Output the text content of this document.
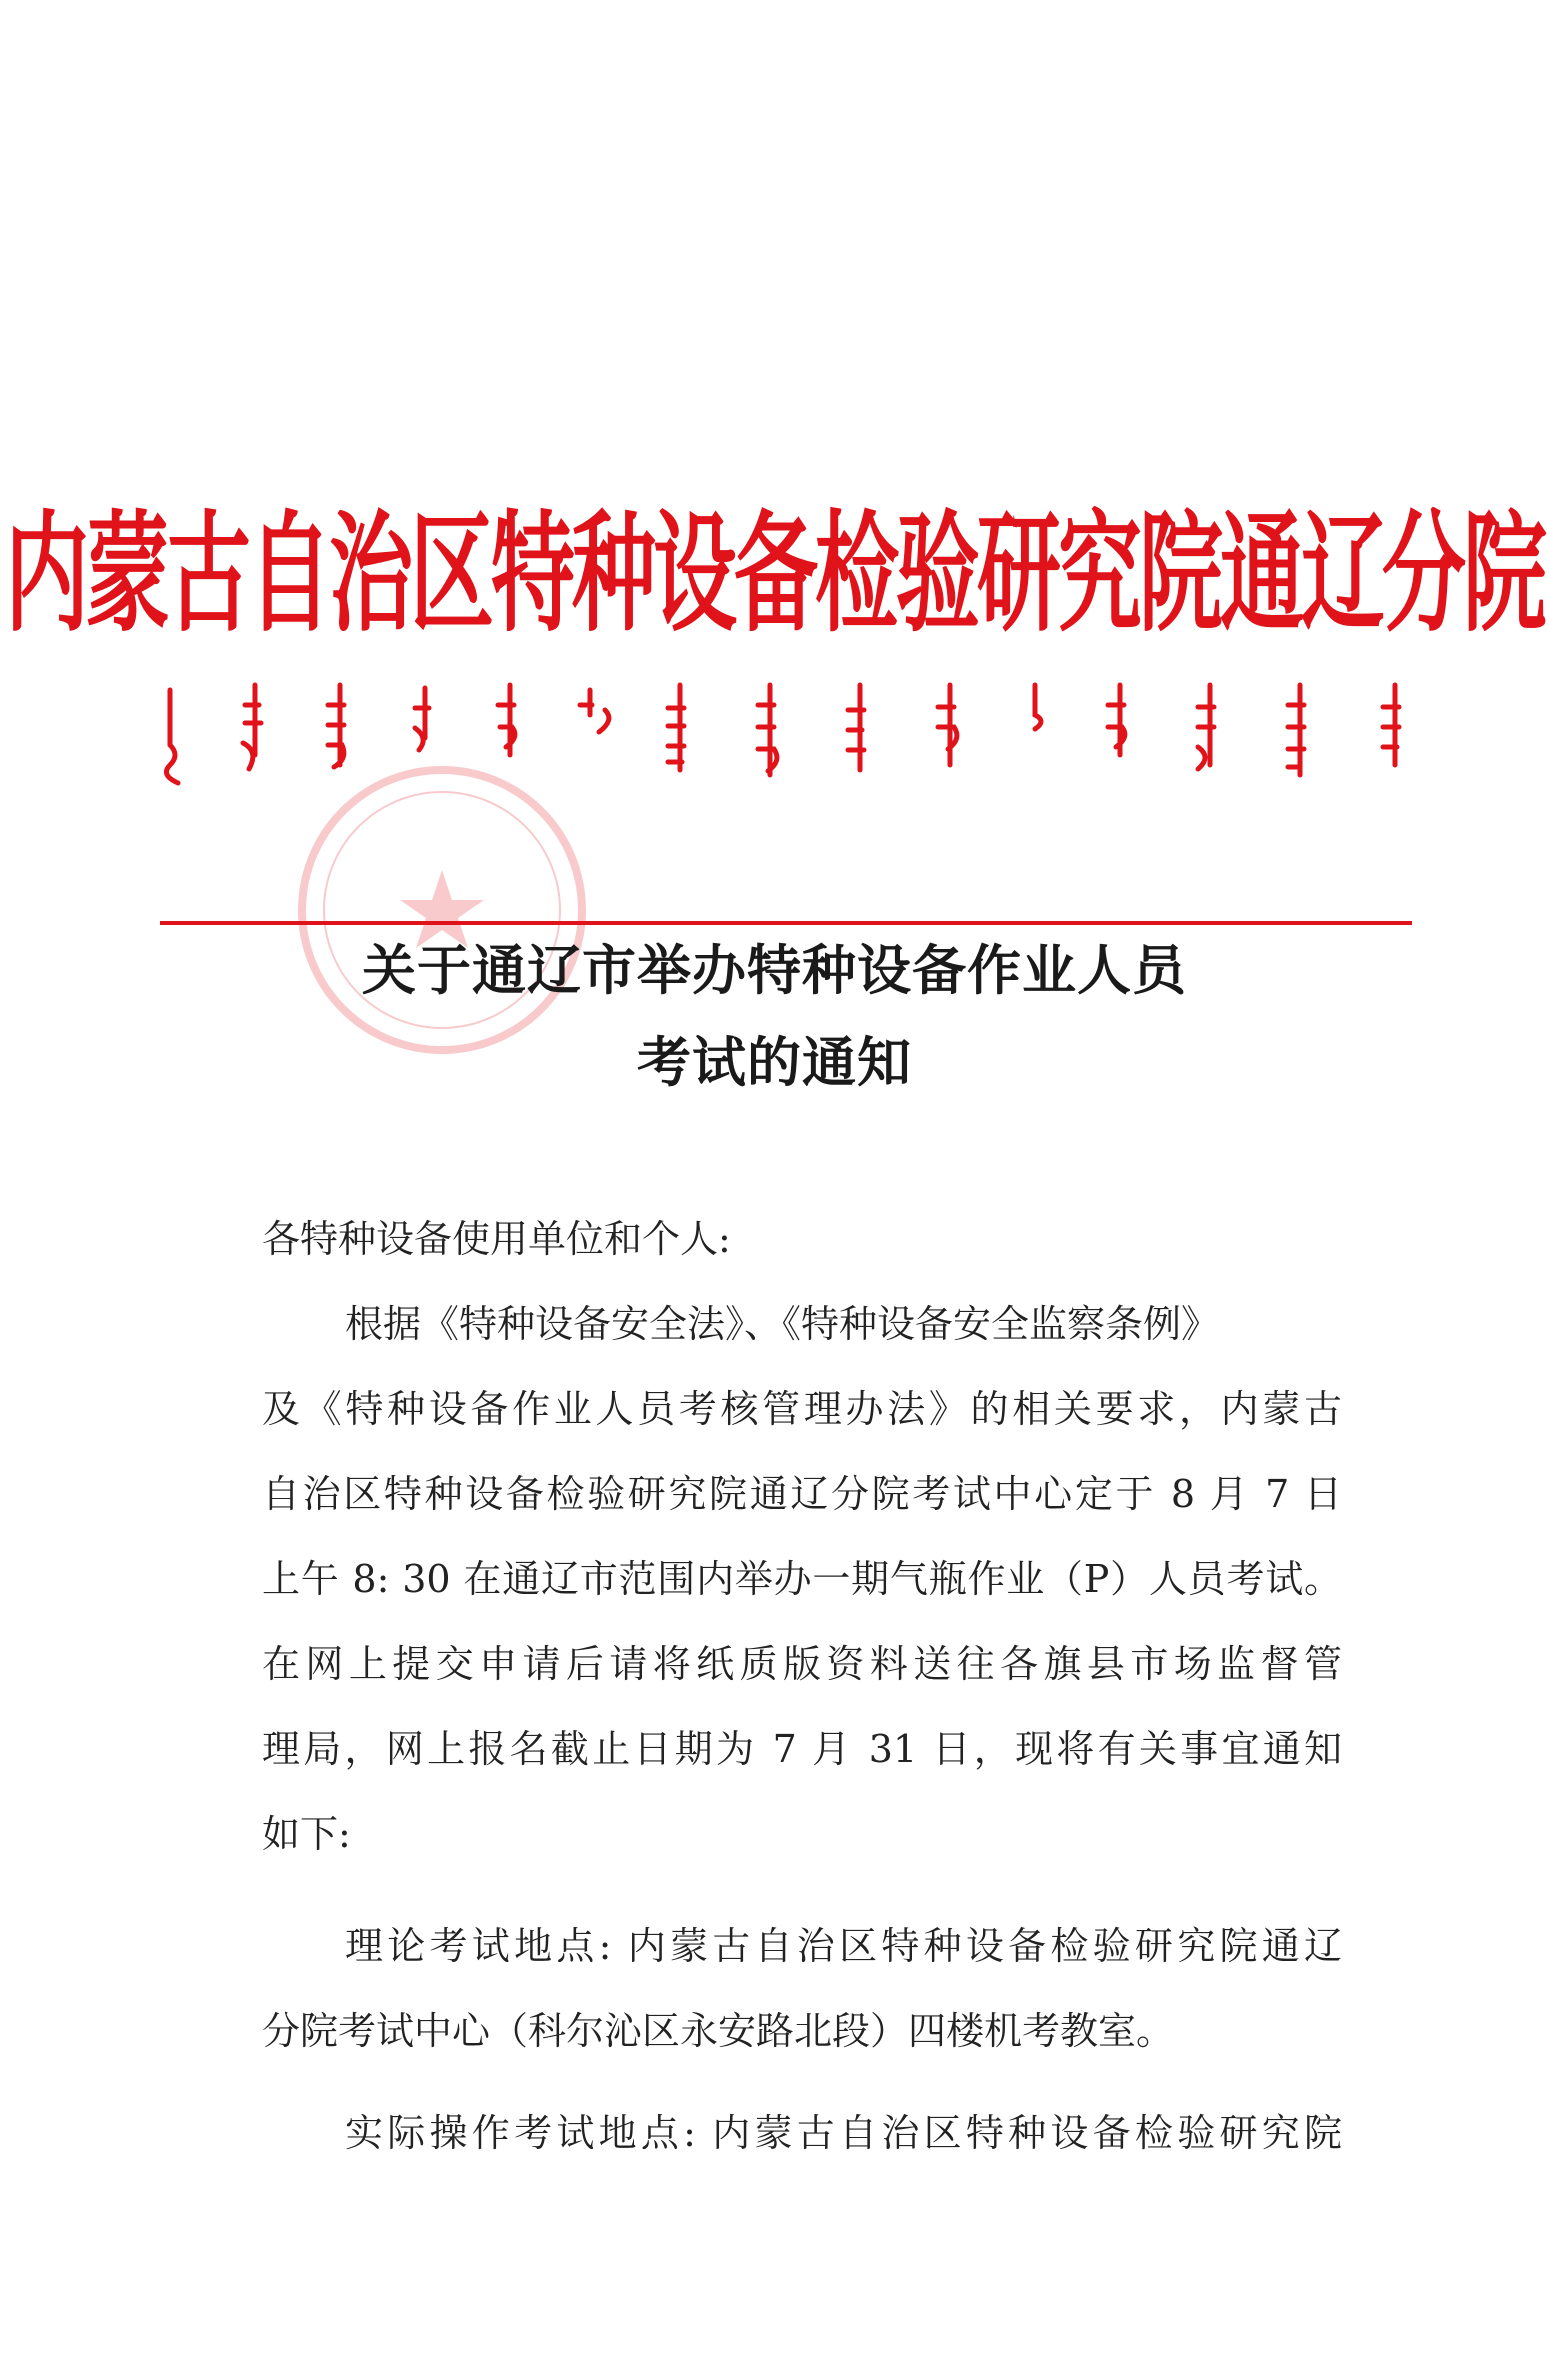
内蒙古自治区特种设备检验研究院通辽分院
关于通辽市举办特种设备作业人员
考试的通知
各特种设备使用单位和个人:
根据《特种设备安全法》、《特种设备安全监察条例》
及《特种设备作业人员考核管理办法》的相关要求，内蒙古
自治区特种设备检验研究院通辽分院考试中心定于 8 月 7 日
上午 8: 30 在通辽市范围内举办一期气瓶作业（P）人员考试。
在网上提交申请后请将纸质版资料送往各旗县市场监督管
理局，网上报名截止日期为 7 月 31 日，现将有关事宜通知
如下:
理论考试地点: 内蒙古自治区特种设备检验研究院通辽
分院考试中心（科尔沁区永安路北段）四楼机考教室。
实际操作考试地点: 内蒙古自治区特种设备检验研究院
